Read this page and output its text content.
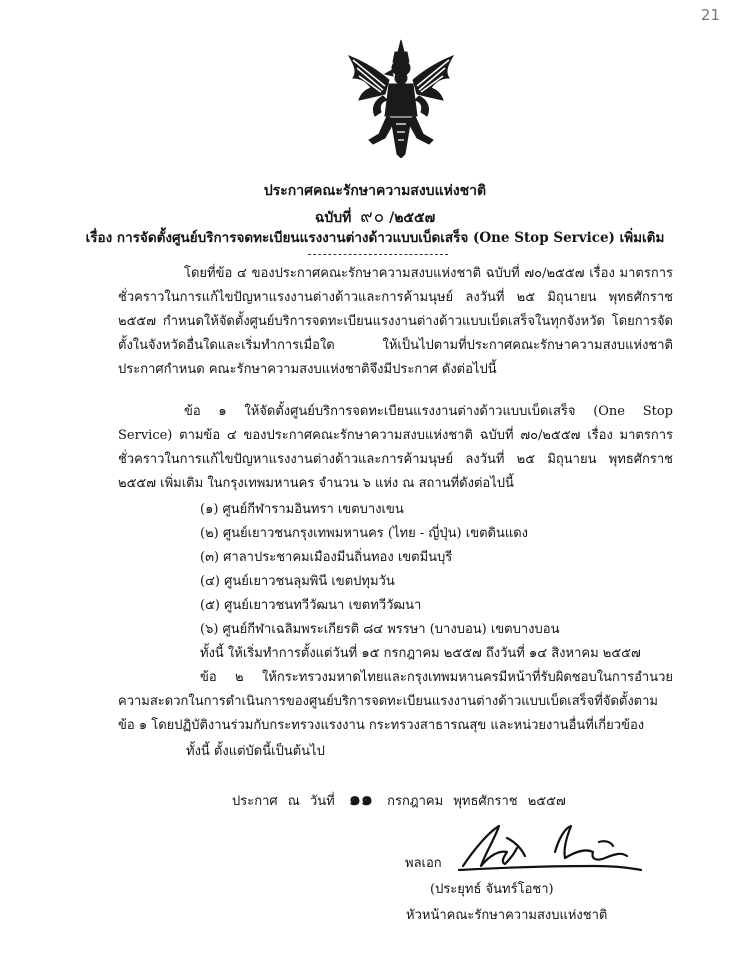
21
ประกาศคณะรักษาความสงบแห่งชาติ
ฉบับที่ ๙๐ /๒๕๕๗
เรื่อง การจัดตั้งศูนย์บริการจดทะเบียนแรงงานต่างด้าวแบบเบ็ดเสร็จ (One Stop Service) เพิ่มเติม
โดยที่ข้อ ๔ ของประกาศคณะรักษาความสงบแห่งชาติ ฉบับที่ ๗๐/๒๕๕๗ เรื่อง มาตรการชั่วคราวในการแก้ไขปัญหาแรงงานต่างด้าวและการค้ามนุษย์ ลงวันที่ ๒๕ มิถุนายน พุทธศักราช ๒๕๕๗ กำหนดให้จัดตั้งศูนย์บริการจดทะเบียนแรงงานต่างด้าวแบบเบ็ดเสร็จในทุกจังหวัด โดยการจัดตั้งในจังหวัดอื่นใดและเริ่มทำการเมื่อใด ให้เป็นไปตามที่ประกาศคณะรักษาความสงบแห่งชาติประกาศกำหนด คณะรักษาความสงบแห่งชาติจึงมีประกาศ ดังต่อไปนี้
ข้อ ๑ ให้จัดตั้งศูนย์บริการจดทะเบียนแรงงานต่างด้าวแบบเบ็ดเสร็จ (One Stop Service) ตามข้อ ๔ ของประกาศคณะรักษาความสงบแห่งชาติ ฉบับที่ ๗๐/๒๕๕๗ เรื่อง มาตรการชั่วคราวในการแก้ไขปัญหาแรงงานต่างด้าวและการค้ามนุษย์ ลงวันที่ ๒๕ มิถุนายน พุทธศักราช ๒๕๕๗ เพิ่มเติม ในกรุงเทพมหานคร จำนวน ๖ แห่ง ณ สถานที่ดังต่อไปนี้
(๑) ศูนย์กีฬารามอินทรา เขตบางเขน
(๒) ศูนย์เยาวชนกรุงเทพมหานคร (ไทย - ญี่ปุ่น) เขตดินแดง
(๓) ศาลาประชาคมเมืองมีนถิ่นทอง เขตมีนบุรี
(๔) ศูนย์เยาวชนลุมพินี เขตปทุมวัน
(๕) ศูนย์เยาวชนทวีวัฒนา เขตทวีวัฒนา
(๖) ศูนย์กีฬาเฉลิมพระเกียรติ ๘๔ พรรษา (บางบอน) เขตบางบอน
ทั้งนี้ ให้เริ่มทำการตั้งแต่วันที่ ๑๕ กรกฎาคม ๒๕๕๗ ถึงวันที่ ๑๔ สิงหาคม ๒๕๕๗
ข้อ ๒ ให้กระทรวงมหาดไทยและกรุงเทพมหานครมีหน้าที่รับผิดชอบในการอำนวยความสะดวกในการดำเนินการของศูนย์บริการจดทะเบียนแรงงานต่างด้าวแบบเบ็ดเสร็จที่จัดตั้งตามข้อ ๑ โดยปฏิบัติงานร่วมกับกระทรวงแรงงาน กระทรวงสาธารณสุข และหน่วยงานอื่นที่เกี่ยวข้อง
ทั้งนี้ ตั้งแต่บัดนี้เป็นต้นไป
ประกาศ ณ วันที่ ๑๑ กรกฎาคม พุทธศักราช ๒๕๕๗
พลเอก
(ประยุทธ์ จันทร์โอชา)
หัวหน้าคณะรักษาความสงบแห่งชาติ
